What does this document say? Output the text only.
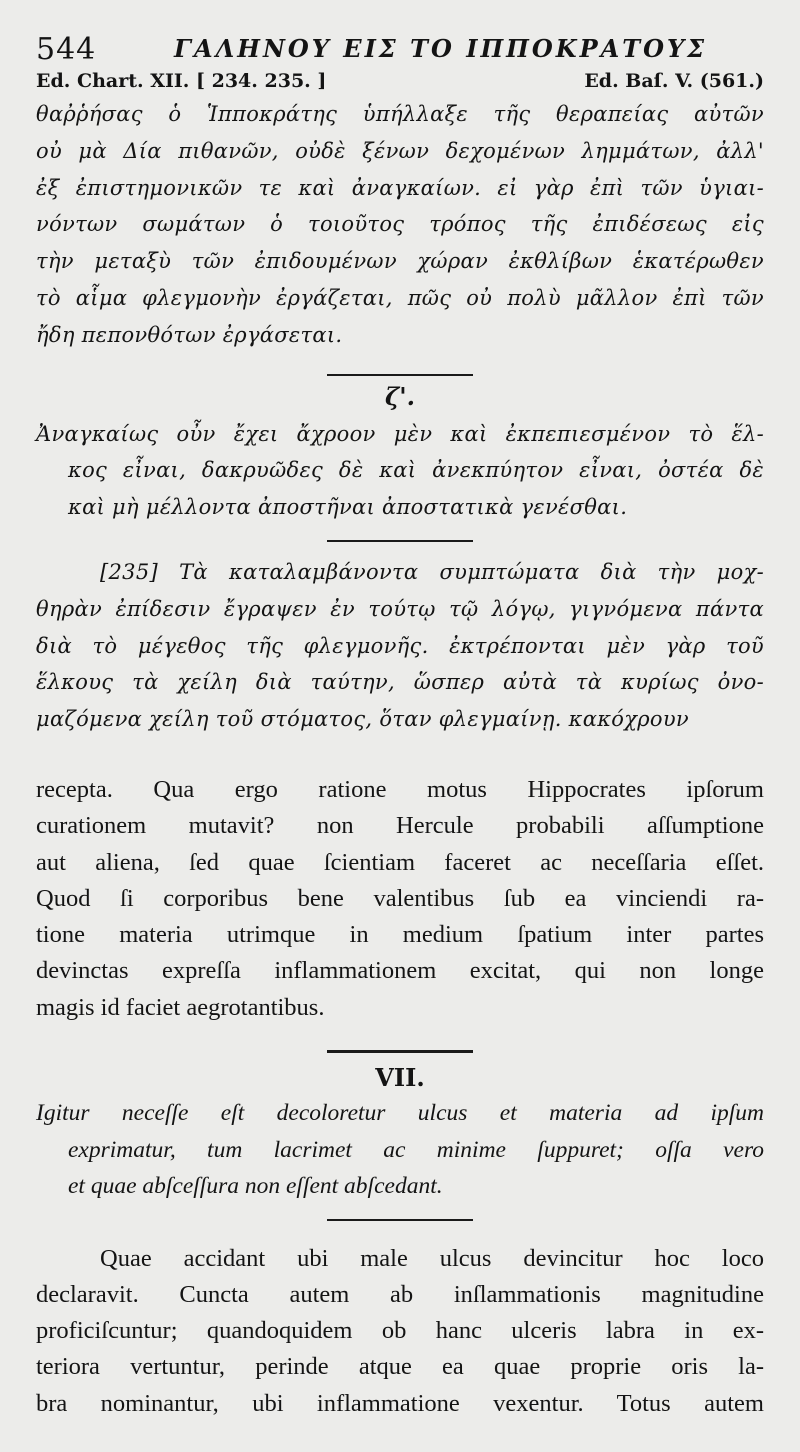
544	ΓΑΛΗΝΟΥ ΕΙΣ ΤΟ ΙΠΠΟΚΡΑΤΟΥΣ
Ed. Chart. XII. [ 234. 235. ]	Ed. Baſ. V. (561.)
θαῤῥήσας ὁ Ἱπποκράτης ὑπήλλαξε τῆς θεραπείας αὐτῶν
οὐ μὰ Δία πιθανῶν, οὐδὲ ξένων δεχομένων λημμάτων, ἀλλ'
ἐξ ἐπιστημονικῶν τε καὶ ἀναγκαίων. εἰ γὰρ ἐπὶ τῶν ὑγιαι-
νόντων σωμάτων ὁ τοιοῦτος τρόπος τῆς ἐπιδέσεως εἰς
τὴν μεταξὺ τῶν ἐπιδουμένων χώραν ἐκθλίβων ἑκατέρωθεν
τὸ αἷμα φλεγμονὴν ἐργάζεται, πῶς οὐ πολὺ μᾶλλον ἐπὶ τῶν
ἤδη πεπονθότων ἐργάσεται.
ζ'.
Ἀναγκαίως οὖν ἔχει ἄχροον μὲν καὶ ἐκπεπιεσμένον τὸ ἕλ-
κος εἶναι, δακρυῶδες δὲ καὶ ἀνεκπύητον εἶναι, ὀστέα δὲ
καὶ μὴ μέλλοντα ἀποστῆναι ἀποστατικὰ γενέσθαι.
[235] Τὰ καταλαμβάνοντα συμπτώματα διὰ τὴν μοχ-
θηρὰν ἐπίδεσιν ἔγραψεν ἐν τούτῳ τῷ λόγῳ, γιγνόμενα πάντα
διὰ τὸ μέγεθος τῆς φλεγμονῆς. ἐκτρέπονται μὲν γὰρ τοῦ
ἕλκους τὰ χείλη διὰ ταύτην, ὥσπερ αὐτὰ τὰ κυρίως ὀνο-
μαζόμενα χείλη τοῦ στόματος, ὅταν φλεγμαίνῃ. κακόχρουν
recepta. Qua ergo ratione motus Hippocrates ipſorum
curationem mutavit? non Hercule probabili aſſumptione
aut aliena, ſed quae ſcientiam faceret ac neceſſaria eſſet.
Quod ſi corporibus bene valentibus ſub ea vinciendi ra-
tione materia utrimque in medium ſpatium inter partes
devinctas expreſſa inflammationem excitat, qui non longe
magis id faciet aegrotantibus.
VII.
Igitur neceſſe eſt decoloretur ulcus et materia ad ipſum
exprimatur, tum lacrimet ac minime ſuppuret; oſſa vero
et quae abſceſſura non eſſent abſcedant.
Quae accidant ubi male ulcus devincitur hoc loco
declaravit. Cuncta autem ab inſlammationis magnitudine
proficiſcuntur; quandoquidem ob hanc ulceris labra in ex-
teriora vertuntur, perinde atque ea quae proprie oris la-
bra nominantur, ubi inflammatione vexentur. Totus autem
